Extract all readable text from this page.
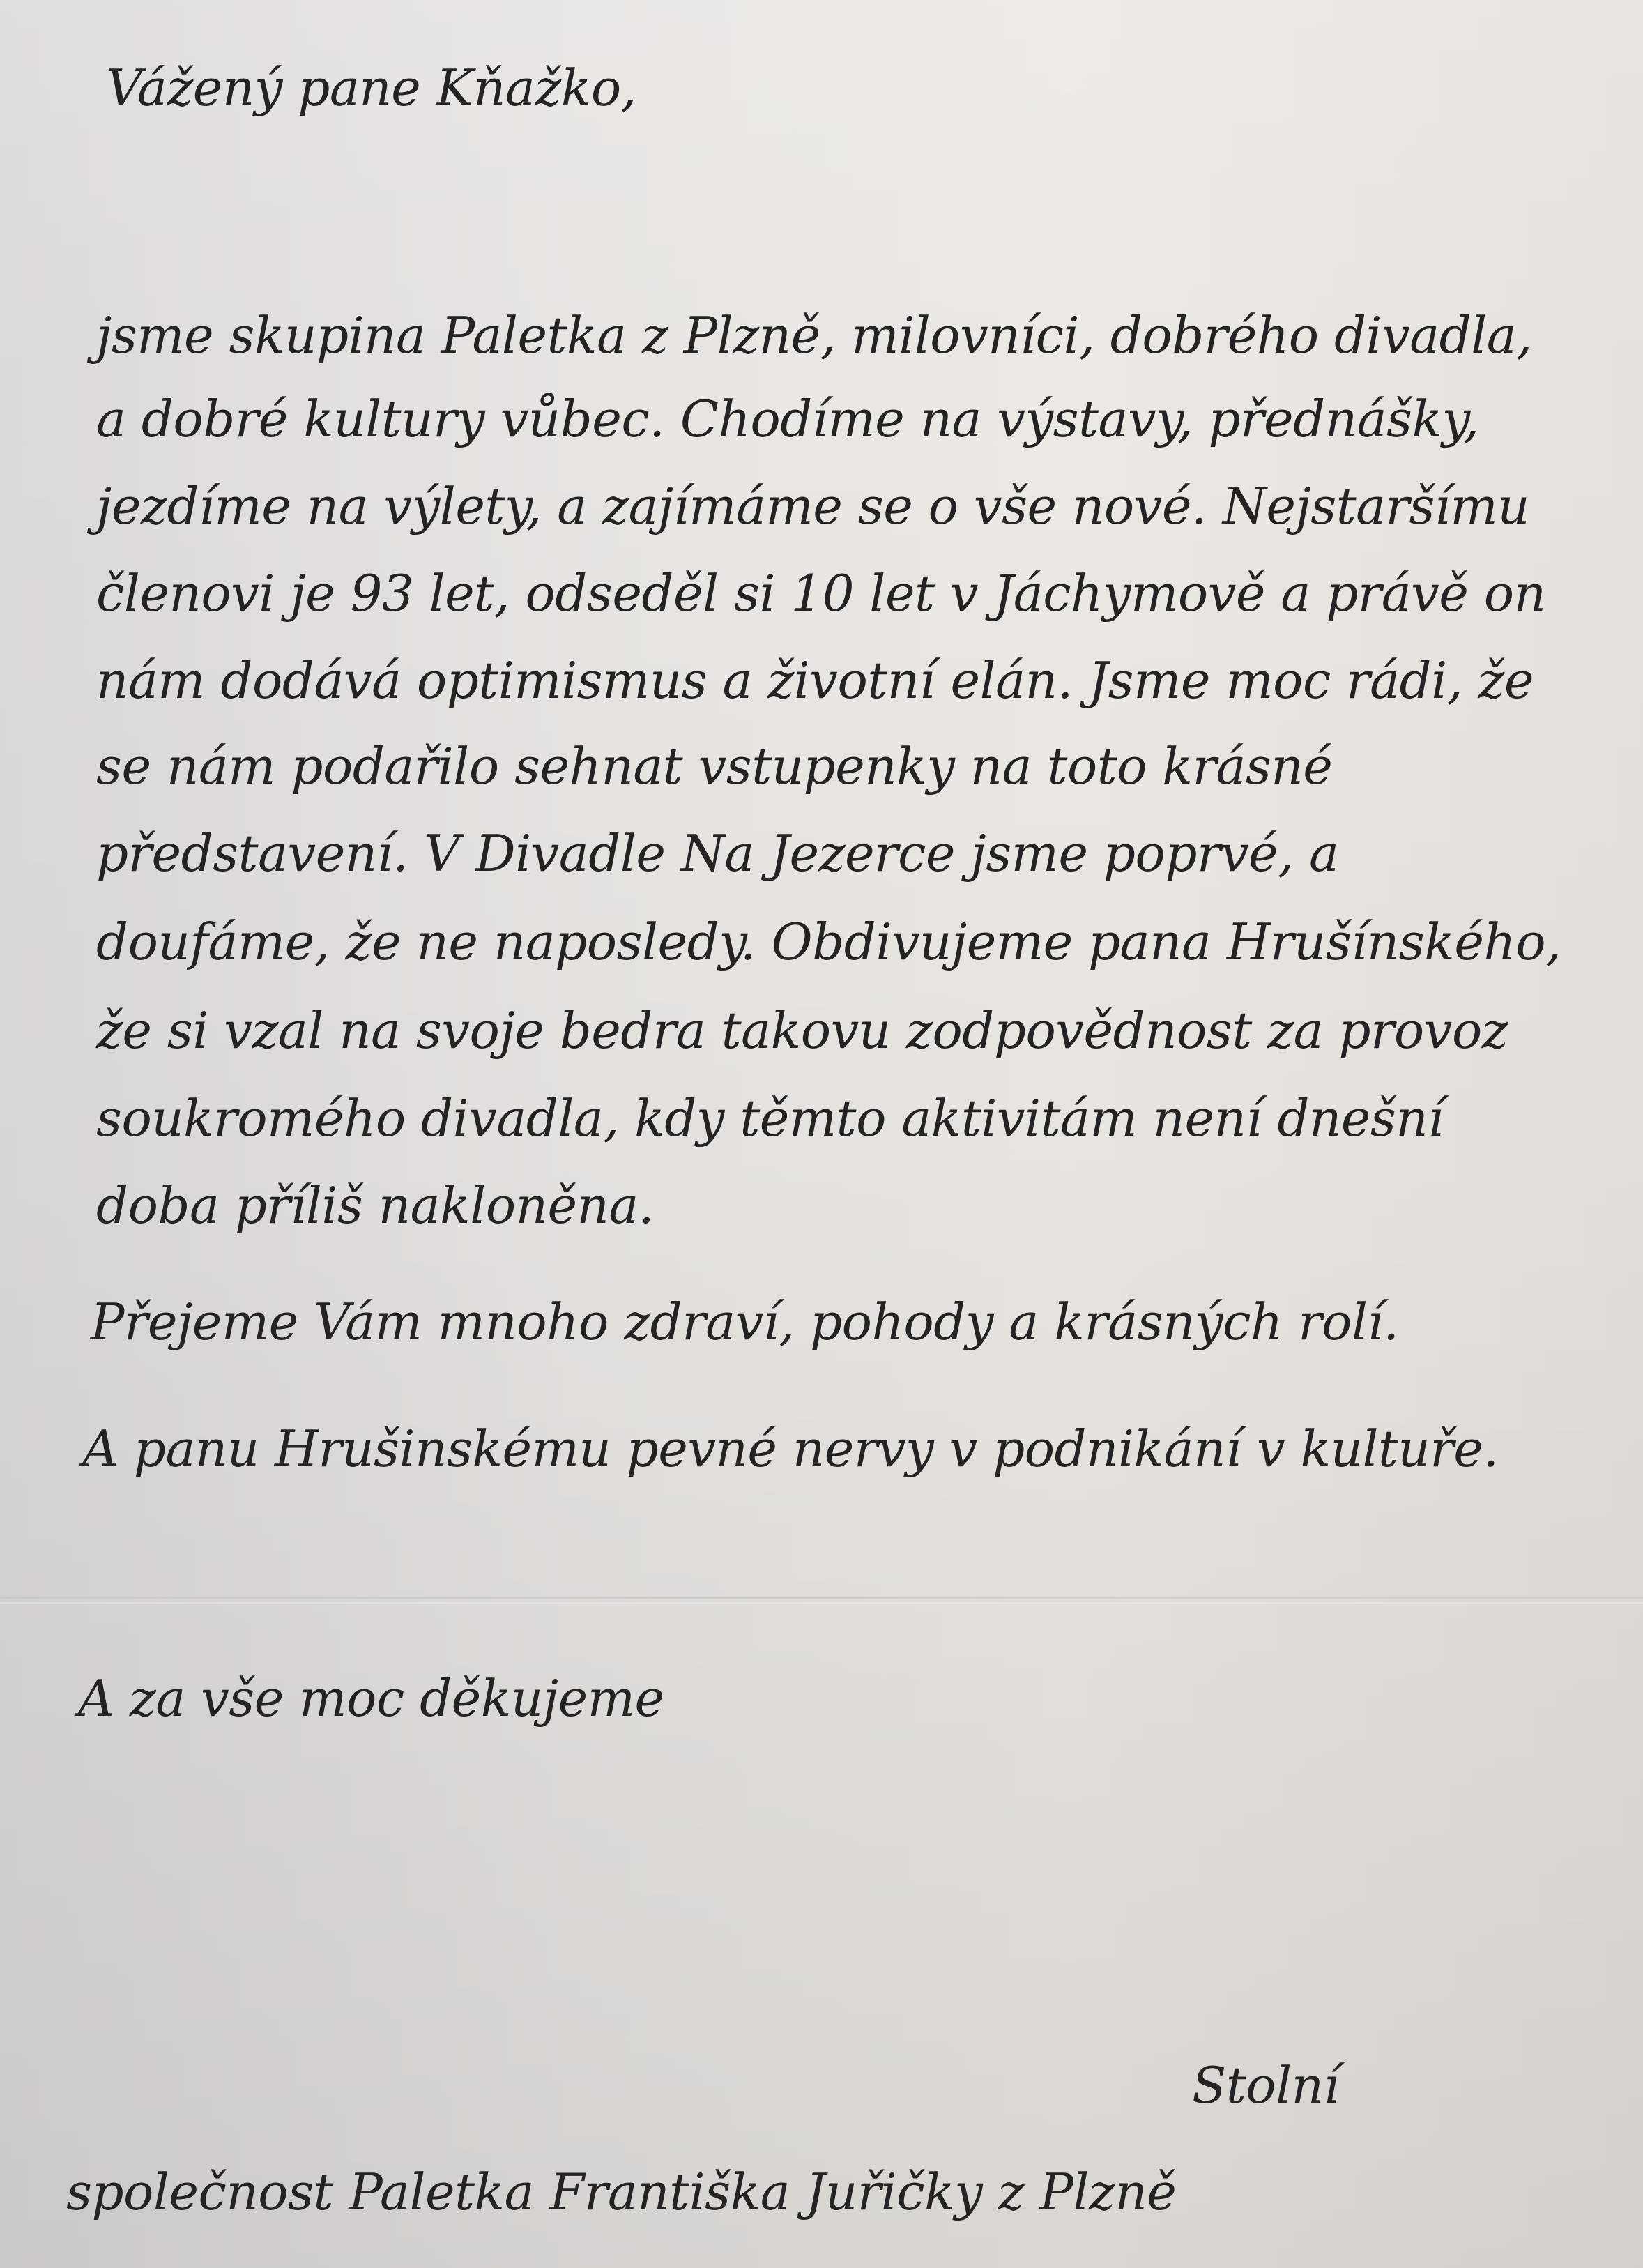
Vážený pane Kňažko,
jsme skupina Paletka z Plzně, milovníci, dobrého divadla,
a dobré kultury vůbec. Chodíme na výstavy, přednášky,
jezdíme na výlety, a zajímáme se o vše nové. Nejstaršímu
členovi je 93 let, odseděl si 10 let v Jáchymově a právě on
nám dodává optimismus a životní elán. Jsme moc rádi, že
se nám podařilo sehnat vstupenky na toto krásné
představení. V Divadle Na Jezerce jsme poprvé, a
doufáme, že ne naposledy. Obdivujeme pana Hrušínského,
že si vzal na svoje bedra takovu zodpovědnost za provoz
soukromého divadla, kdy těmto aktivitám není dnešní
doba příliš nakloněna.
Přejeme Vám mnoho zdraví, pohody a krásných rolí.
A panu Hrušinskému pevné nervy v podnikání v kultuře.
A za vše moc děkujeme
Stolní
společnost Paletka Františka Juřičky z Plzně
